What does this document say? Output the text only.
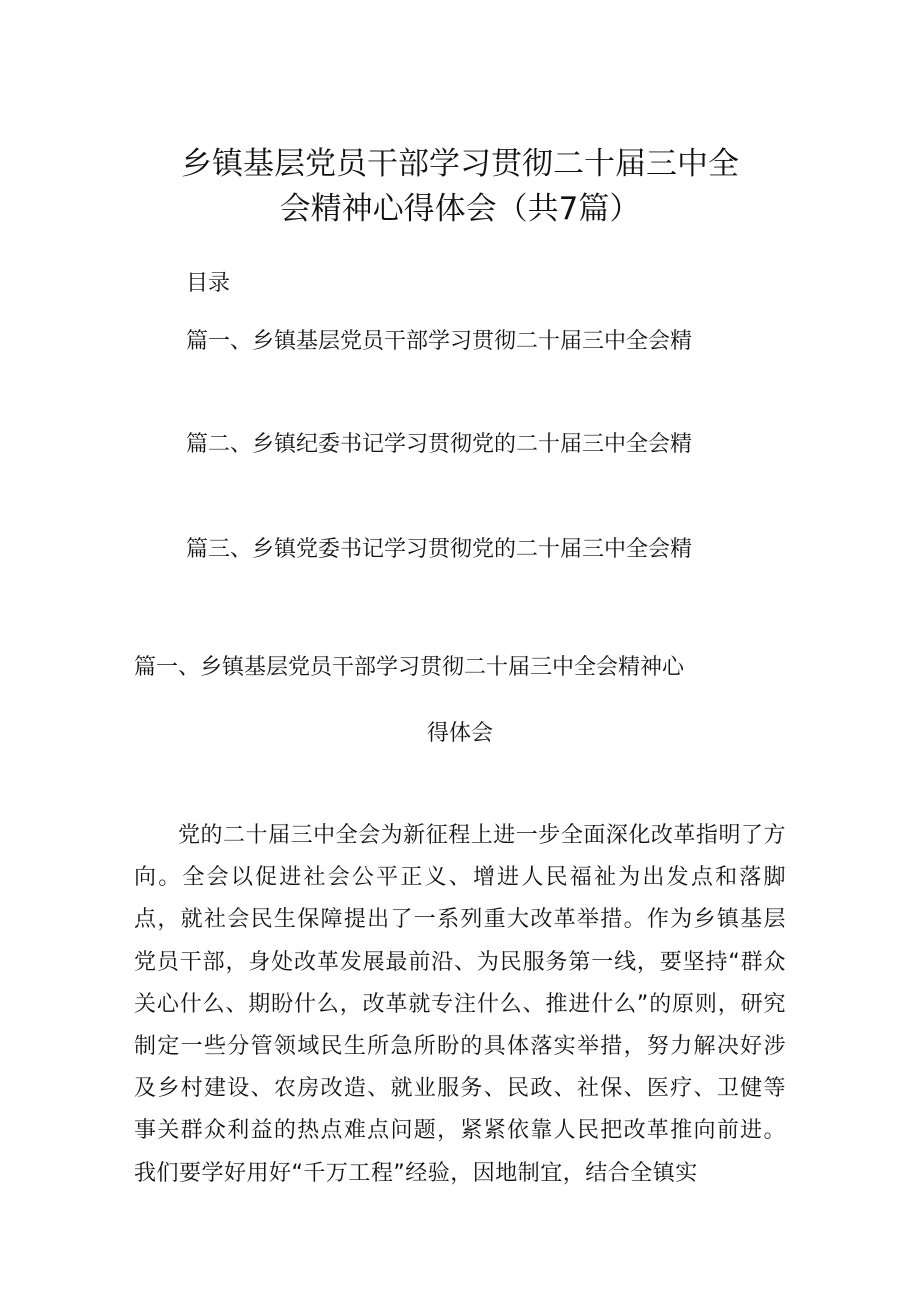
乡镇基层党员干部学习贯彻二十届三中全
会精神心得体会（共7篇）
目录
篇一、乡镇基层党员干部学习贯彻二十届三中全会精
篇二、乡镇纪委书记学习贯彻党的二十届三中全会精
篇三、乡镇党委书记学习贯彻党的二十届三中全会精
篇一、乡镇基层党员干部学习贯彻二十届三中全会精神心
得体会

党的二十届三中全会为新征程上进一步全面深化改革指明了方向。全会以促进社会公平正义、增进人民福祉为出发点和落脚点，就社会民生保障提出了一系列重大改革举措。作为乡镇基层党员干部，身处改革发展最前沿、为民服务第一线，要坚持“群众关心什么、期盼什么，改革就专注什么、推进什么”的原则，研究制定一些分管领域民生所急所盼的具体落实举措，努力解决好涉及乡村建设、农房改造、就业服务、民政、社保、医疗、卫健等事关群众利益的热点难点问题，紧紧依靠人民把改革推向前进。我们要学好用好“千万工程”经验，因地制宜，结合全镇实
